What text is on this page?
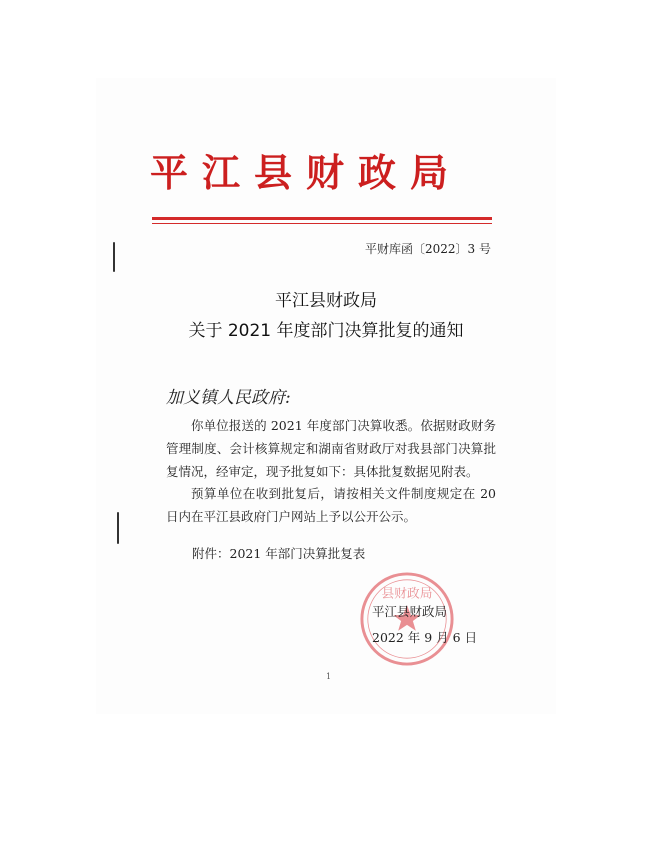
平江县财政局
平财库函〔2022〕3 号
平江县财政局
关于 2021 年度部门决算批复的通知
加义镇人民政府:
你单位报送的 2021 年度部门决算收悉。依据财政财务管理制度、会计核算规定和湖南省财政厅对我县部门决算批复情况，经审定，现予批复如下：具体批复数据见附表。
预算单位在收到批复后，请按相关文件制度规定在 20 日内在平江县政府门户网站上予以公开公示。
附件：2021 年部门决算批复表
县财政局
平江县财政局
2022 年 9 月 6 日
1
